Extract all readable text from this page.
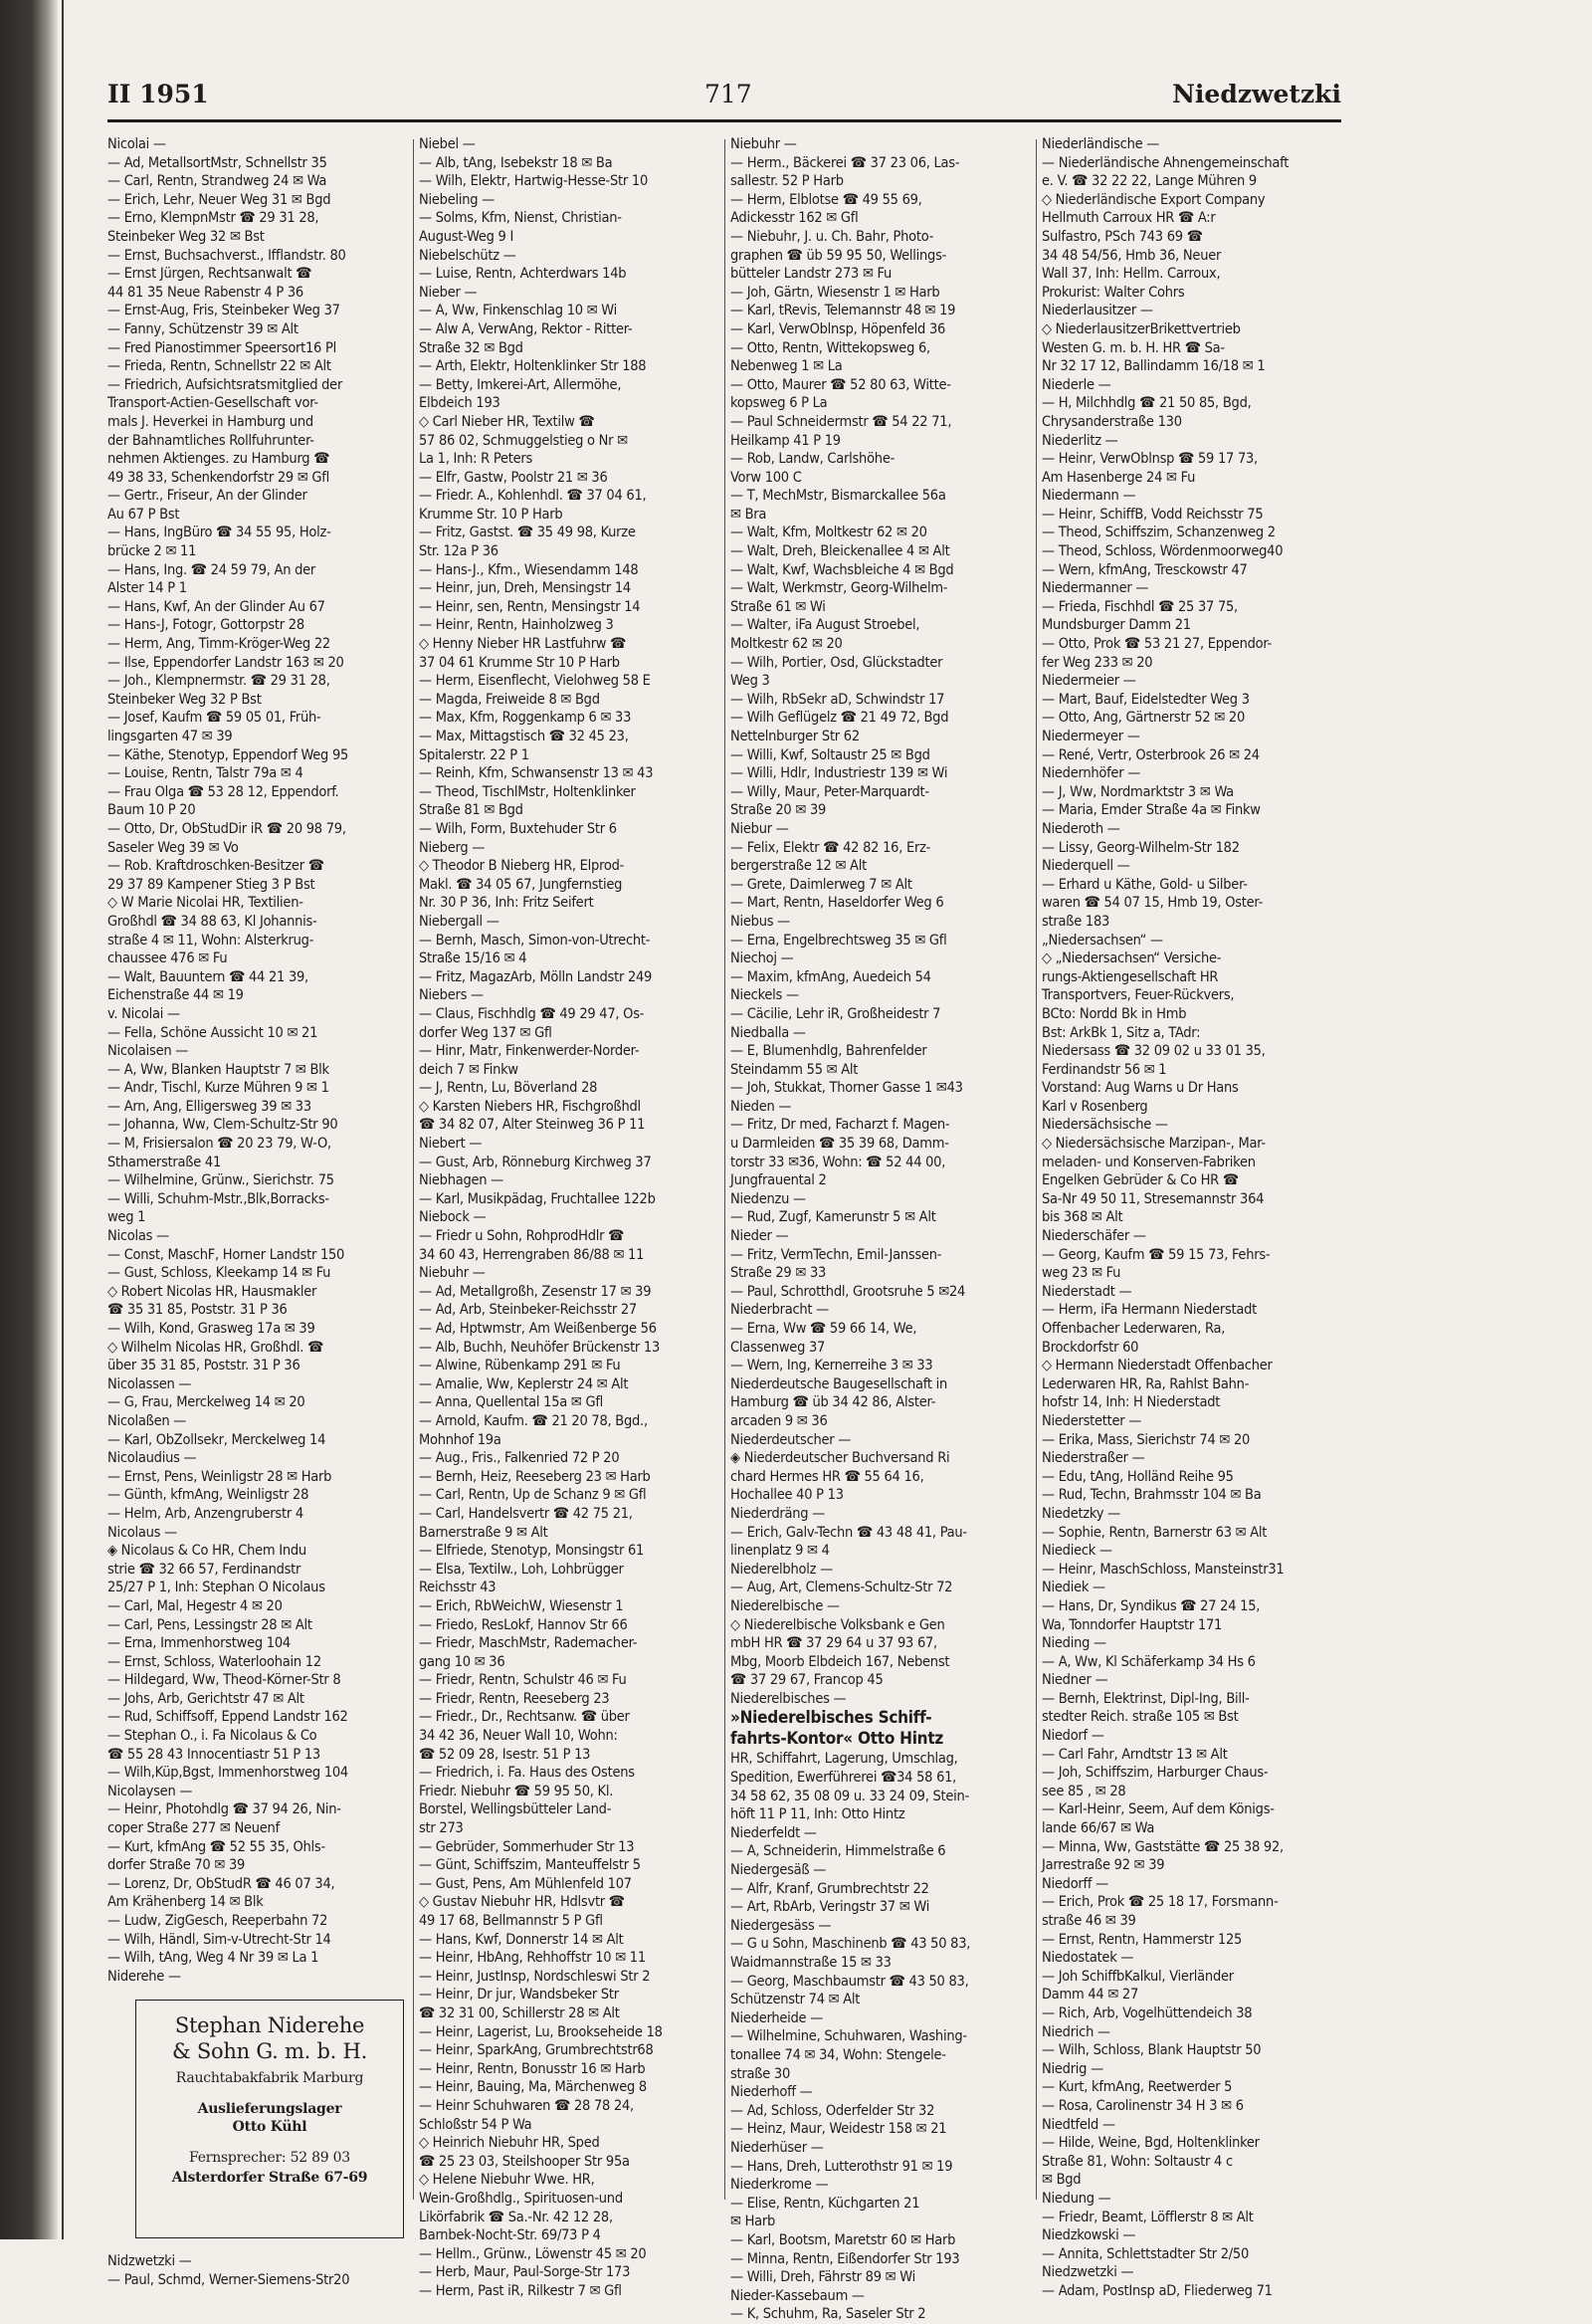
II 1951	717	Niedzwetzki
Nicolai —
— Ad, MetallsortMstr, Schnellstr 35
— Carl, Rentn, Strandweg 24 ✉ Wa
— Erich, Lehr, Neuer Weg 31 ✉ Bgd
— Erno, KlempnMstr ☎ 29 31 28,
Steinbeker Weg 32 ✉ Bst
— Ernst, Buchsachverst., Ifflandstr. 80
— Ernst Jürgen, Rechtsanwalt ☎
44 81 35 Neue Rabenstr 4 P 36
— Ernst-Aug, Fris, Steinbeker Weg 37
— Fanny, Schützenstr 39 ✉ Alt
— Fred Pianostimmer Speersort16 Pl
— Frieda, Rentn, Schnellstr 22 ✉ Alt
— Friedrich, Aufsichtsratsmitglied der
Transport-Actien-Gesellschaft vor-
mals J. Heverkei in Hamburg und
der Bahnamtliches Rollfuhrunter-
nehmen Aktienges. zu Hamburg ☎
49 38 33, Schenkendorfstr 29 ✉ Gfl
— Gertr., Friseur, An der Glinder
Au 67 P Bst
— Hans, IngBüro ☎ 34 55 95, Holz-
brücke 2 ✉ 11
— Hans, Ing. ☎ 24 59 79, An der
Alster 14 P 1
— Hans, Kwf, An der Glinder Au 67
— Hans-J, Fotogr, Gottorpstr 28
— Herm, Ang, Timm-Kröger-Weg 22
— Ilse, Eppendorfer Landstr 163 ✉ 20
— Joh., Klempnermstr. ☎ 29 31 28,
Steinbeker Weg 32 P Bst
— Josef, Kaufm ☎ 59 05 01, Früh-
lingsgarten 47 ✉ 39
— Käthe, Stenotyp, Eppendorf Weg 95
— Louise, Rentn, Talstr 79a ✉ 4
— Frau Olga ☎ 53 28 12, Eppendorf.
Baum 10 P 20
— Otto, Dr, ObStudDir iR ☎ 20 98 79,
Saseler Weg 39 ✉ Vo
— Rob. Kraftdroschken-Besitzer ☎
29 37 89 Kampener Stieg 3 P Bst
◇ W Marie Nicolai HR, Textilien-
Großhdl ☎ 34 88 63, Kl Johannis-
straße 4 ✉ 11, Wohn: Alsterkrug-
chaussee 476 ✉ Fu
— Walt, Bauuntern ☎ 44 21 39,
Eichenstraße 44 ✉ 19
v. Nicolai —
— Fella, Schöne Aussicht 10 ✉ 21
Nicolaisen —
— A, Ww, Blanken Hauptstr 7 ✉ Blk
— Andr, Tischl, Kurze Mühren 9 ✉ 1
— Arn, Ang, Elligersweg 39 ✉ 33
— Johanna, Ww, Clem-Schultz-Str 90
— M, Frisiersalon ☎ 20 23 79, W-O,
Sthamerstraße 41
— Wilhelmine, Grünw., Sierichstr. 75
— Willi, Schuhm-Mstr.,Blk,Borracks-
weg 1
Nicolas —
— Const, MaschF, Horner Landstr 150
— Gust, Schloss, Kleekamp 14 ✉ Fu
◇ Robert Nicolas HR, Hausmakler
☎ 35 31 85, Poststr. 31 P 36
— Wilh, Kond, Grasweg 17a ✉ 39
◇ Wilhelm Nicolas HR, Großhdl. ☎
über 35 31 85, Poststr. 31 P 36
Nicolassen —
— G, Frau, Merckelweg 14 ✉ 20
Nicolaßen —
— Karl, ObZollsekr, Merckelweg 14
Nicolaudius —
— Ernst, Pens, Weinligstr 28 ✉ Harb
— Günth, kfmAng, Weinligstr 28
— Helm, Arb, Anzengruberstr 4
Nicolaus —
◈ Nicolaus & Co HR, Chem Indu
strie ☎ 32 66 57, Ferdinandstr
25/27 P 1, Inh: Stephan O Nicolaus
— Carl, Mal, Hegestr 4 ✉ 20
— Carl, Pens, Lessingstr 28 ✉ Alt
— Erna, Immenhorstweg 104
— Ernst, Schloss, Waterloohain 12
— Hildegard, Ww, Theod-Körner-Str 8
— Johs, Arb, Gerichtstr 47 ✉ Alt
— Rud, Schiffsoff, Eppend Landstr 162
— Stephan O., i. Fa Nicolaus & Co
☎ 55 28 43 Innocentiastr 51 P 13
— Wilh,Küp,Bgst, Immenhorstweg 104
Nicolaysen —
— Heinr, Photohdlg ☎ 37 94 26, Nin-
coper Straße 277 ✉ Neuenf
— Kurt, kfmAng ☎ 52 55 35, Ohls-
dorfer Straße 70 ✉ 39
— Lorenz, Dr, ObStudR ☎ 46 07 34,
Am Krähenberg 14 ✉ Blk
— Ludw, ZigGesch, Reeperbahn 72
— Wilh, Händl, Sim-v-Utrecht-Str 14
— Wilh, tAng, Weg 4 Nr 39 ✉ La 1
Niderehe —
Stephan Niderehe
& Sohn G. m. b. H.
Rauchtabakfabrik Marburg
Auslieferungslager
Otto Kühl
Fernsprecher: 52 89 03
Alsterdorfer Straße 67-69
Nidzwetzki —
— Paul, Schmd, Werner-Siemens-Str20
Niebel —
— Alb, tAng, Isebekstr 18 ✉ Ba
— Wilh, Elektr, Hartwig-Hesse-Str 10
Niebeling —
— Solms, Kfm, Nienst, Christian-
August-Weg 9 I
Niebelschütz —
— Luise, Rentn, Achterdwars 14b
Nieber —
— A, Ww, Finkenschlag 10 ✉ Wi
— Alw A, VerwAng, Rektor - Ritter-
Straße 32 ✉ Bgd
— Arth, Elektr, Holtenklinker Str 188
— Betty, Imkerei-Art, Allermöhe,
Elbdeich 193
◇ Carl Nieber HR, Textilw ☎
57 86 02, Schmuggelstieg o Nr ✉
La 1, Inh: R Peters
— Elfr, Gastw, Poolstr 21 ✉ 36
— Friedr. A., Kohlenhdl. ☎ 37 04 61,
Krumme Str. 10 P Harb
— Fritz, Gastst. ☎ 35 49 98, Kurze
Str. 12a P 36
— Hans-J., Kfm., Wiesendamm 148
— Heinr, jun, Dreh, Mensingstr 14
— Heinr, sen, Rentn, Mensingstr 14
— Heinr, Rentn, Hainholzweg 3
◇ Henny Nieber HR Lastfuhrw ☎
37 04 61 Krumme Str 10 P Harb
— Herm, Eisenflecht, Vielohweg 58 E
— Magda, Freiweide 8 ✉ Bgd
— Max, Kfm, Roggenkamp 6 ✉ 33
— Max, Mittagstisch ☎ 32 45 23,
Spitalerstr. 22 P 1
— Reinh, Kfm, Schwansenstr 13 ✉ 43
— Theod, TischlMstr, Holtenklinker
Straße 81 ✉ Bgd
— Wilh, Form, Buxtehuder Str 6
Nieberg —
◇ Theodor B Nieberg HR, Elprod-
Makl. ☎ 34 05 67, Jungfernstieg
Nr. 30 P 36, Inh: Fritz Seifert
Niebergall —
— Bernh, Masch, Simon-von-Utrecht-
Straße 15/16 ✉ 4
— Fritz, MagazArb, Mölln Landstr 249
Niebers —
— Claus, Fischhdlg ☎ 49 29 47, Os-
dorfer Weg 137 ✉ Gfl
— Hinr, Matr, Finkenwerder-Norder-
deich 7 ✉ Finkw
— J, Rentn, Lu, Böverland 28
◇ Karsten Niebers HR, Fischgroßhdl
☎ 34 82 07, Alter Steinweg 36 P 11
Niebert —
— Gust, Arb, Rönneburg Kirchweg 37
Niebhagen —
— Karl, Musikpädag, Fruchtallee 122b
Niebock —
— Friedr u Sohn, RohprodHdlr ☎
34 60 43, Herrengraben 86/88 ✉ 11
Niebuhr —
— Ad, Metallgroßh, Zesenstr 17 ✉ 39
— Ad, Arb, Steinbeker-Reichsstr 27
— Ad, Hptwmstr, Am Weißenberge 56
— Alb, Buchh, Neuhöfer Brückenstr 13
— Alwine, Rübenkamp 291 ✉ Fu
— Amalie, Ww, Keplerstr 24 ✉ Alt
— Anna, Quellental 15a ✉ Gfl
— Arnold, Kaufm. ☎ 21 20 78, Bgd.,
Mohnhof 19a
— Aug., Fris., Falkenried 72 P 20
— Bernh, Heiz, Reeseberg 23 ✉ Harb
— Carl, Rentn, Up de Schanz 9 ✉ Gfl
— Carl, Handelsvertr ☎ 42 75 21,
Barnerstraße 9 ✉ Alt
— Elfriede, Stenotyp, Monsingstr 61
— Elsa, Textilw., Loh, Lohbrügger
Reichsstr 43
— Erich, RbWeichW, Wiesenstr 1
— Friedo, ResLokf, Hannov Str 66
— Friedr, MaschMstr, Rademacher-
gang 10 ✉ 36
— Friedr, Rentn, Schulstr 46 ✉ Fu
— Friedr, Rentn, Reeseberg 23
— Friedr., Dr., Rechtsanw. ☎ über
34 42 36, Neuer Wall 10, Wohn:
☎ 52 09 28, Isestr. 51 P 13
— Friedrich, i. Fa. Haus des Ostens
Friedr. Niebuhr ☎ 59 95 50, Kl.
Borstel, Wellingsbütteler Land-
str 273
— Gebrüder, Sommerhuder Str 13
— Günt, Schiffszim, Manteuffelstr 5
— Gust, Pens, Am Mühlenfeld 107
◇ Gustav Niebuhr HR, Hdlsvtr ☎
49 17 68, Bellmannstr 5 P Gfl
— Hans, Kwf, Donnerstr 14 ✉ Alt
— Heinr, HbAng, Rehhoffstr 10 ✉ 11
— Heinr, JustInsp, Nordschleswi Str 2
— Heinr, Dr jur, Wandsbeker Str
☎ 32 31 00, Schillerstr 28 ✉ Alt
— Heinr, Lagerist, Lu, Brookseheide 18
— Heinr, SparkAng, Grumbrechtstr68
— Heinr, Rentn, Bonusstr 16 ✉ Harb
— Heinr, Bauing, Ma, Märchenweg 8
— Heinr Schuhwaren ☎ 28 78 24,
Schloßstr 54 P Wa
◇ Heinrich Niebuhr HR, Sped
☎ 25 23 03, Steilshooper Str 95a
◇ Helene Niebuhr Wwe. HR,
Wein-Großhdlg., Spirituosen-und
Likörfabrik ☎ Sa.-Nr. 42 12 28,
Barnbek-Nocht-Str. 69/73 P 4
— Hellm., Grünw., Löwenstr 45 ✉ 20
— Herb, Maur, Paul-Sorge-Str 173
— Herm, Past iR, Rilkestr 7 ✉ Gfl
Niebuhr —
— Herm., Bäckerei ☎ 37 23 06, Las-
sallestr. 52 P Harb
— Herm, Elblotse ☎ 49 55 69,
Adickesstr 162 ✉ Gfl
— Niebuhr, J. u. Ch. Bahr, Photo-
graphen ☎ üb 59 95 50, Wellings-
bütteler Landstr 273 ✉ Fu
— Joh, Gärtn, Wiesenstr 1 ✉ Harb
— Karl, tRevis, Telemannstr 48 ✉ 19
— Karl, VerwOblnsp, Höpenfeld 36
— Otto, Rentn, Wittekopsweg 6,
Nebenweg 1 ✉ La
— Otto, Maurer ☎ 52 80 63, Witte-
kopsweg 6 P La
— Paul Schneidermstr ☎ 54 22 71,
Heilkamp 41 P 19
— Rob, Landw, Carlshöhe-
Vorw 100 C
— T, MechMstr, Bismarckallee 56a
✉ Bra
— Walt, Kfm, Moltkestr 62 ✉ 20
— Walt, Dreh, Bleickenallee 4 ✉ Alt
— Walt, Kwf, Wachsbleiche 4 ✉ Bgd
— Walt, Werkmstr, Georg-Wilhelm-
Straße 61 ✉ Wi
— Walter, iFa August Stroebel,
Moltkestr 62 ✉ 20
— Wilh, Portier, Osd, Glückstadter
Weg 3
— Wilh, RbSekr aD, Schwindstr 17
— Wilh Geflügelz ☎ 21 49 72, Bgd
Nettelnburger Str 62
— Willi, Kwf, Soltaustr 25 ✉ Bgd
— Willi, Hdlr, Industriestr 139 ✉ Wi
— Willy, Maur, Peter-Marquardt-
Straße 20 ✉ 39
Niebur —
— Felix, Elektr ☎ 42 82 16, Erz-
bergerstraße 12 ✉ Alt
— Grete, Daimlerweg 7 ✉ Alt
— Mart, Rentn, Haseldorfer Weg 6
Niebus —
— Erna, Engelbrechtsweg 35 ✉ Gfl
Niechoj —
— Maxim, kfmAng, Auedeich 54
Nieckels —
— Cäcilie, Lehr iR, Großheidestr 7
Niedballa —
— E, Blumenhdlg, Bahrenfelder
Steindamm 55 ✉ Alt
— Joh, Stukkat, Thorner Gasse 1 ✉43
Nieden —
— Fritz, Dr med, Facharzt f. Magen-
u Darmleiden ☎ 35 39 68, Damm-
torstr 33 ✉36, Wohn: ☎ 52 44 00,
Jungfrauental 2
Niedenzu —
— Rud, Zugf, Kamerunstr 5 ✉ Alt
Nieder —
— Fritz, VermTechn, Emil-Janssen-
Straße 29 ✉ 33
— Paul, Schrotthdl, Grootsruhe 5 ✉24
Niederbracht —
— Erna, Ww ☎ 59 66 14, We,
Classenweg 37
— Wern, Ing, Kernerreihe 3 ✉ 33
Niederdeutsche Baugesellschaft in
Hamburg ☎ üb 34 42 86, Alster-
arcaden 9 ✉ 36
Niederdeutscher —
◈ Niederdeutscher Buchversand Ri
chard Hermes HR ☎ 55 64 16,
Hochallee 40 P 13
Niederdräng —
— Erich, Galv-Techn ☎ 43 48 41, Pau-
linenplatz 9 ✉ 4
Niederelbholz —
— Aug, Art, Clemens-Schultz-Str 72
Niederelbische —
◇ Niederelbische Volksbank e Gen
mbH HR ☎ 37 29 64 u 37 93 67,
Mbg, Moorb Elbdeich 167, Nebenst
☎ 37 29 67, Francop 45
Niederelbisches —
»Niederelbisches Schiff-
fahrts-Kontor« Otto Hintz
HR, Schiffahrt, Lagerung, Umschlag,
Spedition, Ewerführerei ☎34 58 61,
34 58 62, 35 08 09 u. 33 24 09, Stein-
höft 11 P 11, Inh: Otto Hintz
Niederfeldt —
— A, Schneiderin, Himmelstraße 6
Niedergesäß —
— Alfr, Kranf, Grumbrechtstr 22
— Art, RbArb, Veringstr 37 ✉ Wi
Niedergesäss —
— G u Sohn, Maschinenb ☎ 43 50 83,
Waidmannstraße 15 ✉ 33
— Georg, Maschbaumstr ☎ 43 50 83,
Schützenstr 74 ✉ Alt
Niederheide —
— Wilhelmine, Schuhwaren, Washing-
tonallee 74 ✉ 34, Wohn: Stengele-
straße 30
Niederhoff —
— Ad, Schloss, Oderfelder Str 32
— Heinz, Maur, Weidestr 158 ✉ 21
Niederhüser —
— Hans, Dreh, Lutterothstr 91 ✉ 19
Niederkrome —
— Elise, Rentn, Küchgarten 21
✉ Harb
— Karl, Bootsm, Maretstr 60 ✉ Harb
— Minna, Rentn, Eißendorfer Str 193
— Willi, Dreh, Fährstr 89 ✉ Wi
Nieder-Kassebaum —
— K, Schuhm, Ra, Saseler Str 2
Niederländische —
— Niederländische Ahnengemeinschaft
e. V. ☎ 32 22 22, Lange Mühren 9
◇ Niederländische Export Company
Hellmuth Carroux HR ☎ A:r
Sulfastro, PSch 743 69 ☎
34 48 54/56, Hmb 36, Neuer
Wall 37, Inh: Hellm. Carroux,
Prokurist: Walter Cohrs
Niederlausitzer —
◇ NiederlausitzerBrikettvertrieb
Westen G. m. b. H. HR ☎ Sa-
Nr 32 17 12, Ballindamm 16/18 ✉ 1
Niederle —
— H, Milchhdlg ☎ 21 50 85, Bgd,
Chrysanderstraße 130
Niederlitz —
— Heinr, VerwOblnsp ☎ 59 17 73,
Am Hasenberge 24 ✉ Fu
Niedermann —
— Heinr, SchiffB, Vodd Reichsstr 75
— Theod, Schiffszim, Schanzenweg 2
— Theod, Schloss, Wördenmoorweg40
— Wern, kfmAng, Tresckowstr 47
Niedermanner —
— Frieda, Fischhdl ☎ 25 37 75,
Mundsburger Damm 21
— Otto, Prok ☎ 53 21 27, Eppendor-
fer Weg 233 ✉ 20
Niedermeier —
— Mart, Bauf, Eidelstedter Weg 3
— Otto, Ang, Gärtnerstr 52 ✉ 20
Niedermeyer —
— René, Vertr, Osterbrook 26 ✉ 24
Niedernhöfer —
— J, Ww, Nordmarktstr 3 ✉ Wa
— Maria, Emder Straße 4a ✉ Finkw
Niederoth —
— Lissy, Georg-Wilhelm-Str 182
Niederquell —
— Erhard u Käthe, Gold- u Silber-
waren ☎ 54 07 15, Hmb 19, Oster-
straße 183
„Niedersachsen“ —
◇ „Niedersachsen“ Versiche-
rungs-Aktiengesellschaft HR
Transportvers, Feuer-Rückvers,
BCto: Nordd Bk in Hmb
Bst: ArkBk 1, Sitz a, TAdr:
Niedersass ☎ 32 09 02 u 33 01 35,
Ferdinandstr 56 ✉ 1
Vorstand: Aug Warns u Dr Hans
Karl v Rosenberg
Niedersächsische —
◇ Niedersächsische Marzipan-, Mar-
meladen- und Konserven-Fabriken
Engelken Gebrüder & Co HR ☎
Sa-Nr 49 50 11, Stresemannstr 364
bis 368 ✉ Alt
Niederschäfer —
— Georg, Kaufm ☎ 59 15 73, Fehrs-
weg 23 ✉ Fu
Niederstadt —
— Herm, iFa Hermann Niederstadt
Offenbacher Lederwaren, Ra,
Brockdorfstr 60
◇ Hermann Niederstadt Offenbacher
Lederwaren HR, Ra, Rahlst Bahn-
hofstr 14, Inh: H Niederstadt
Niederstetter —
— Erika, Mass, Sierichstr 74 ✉ 20
Niederstraßer —
— Edu, tAng, Holländ Reihe 95
— Rud, Techn, Brahmsstr 104 ✉ Ba
Niedetzky —
— Sophie, Rentn, Barnerstr 63 ✉ Alt
Niedieck —
— Heinr, MaschSchloss, Mansteinstr31
Niediek —
— Hans, Dr, Syndikus ☎ 27 24 15,
Wa, Tonndorfer Hauptstr 171
Nieding —
— A, Ww, Kl Schäferkamp 34 Hs 6
Niedner —
— Bernh, Elektrinst, Dipl-Ing, Bill-
stedter Reich. straße 105 ✉ Bst
Niedorf —
— Carl Fahr, Arndtstr 13 ✉ Alt
— Joh, Schiffszim, Harburger Chaus-
see 85 , ✉ 28
— Karl-Heinr, Seem, Auf dem Königs-
lande 66/67 ✉ Wa
— Minna, Ww, Gaststätte ☎ 25 38 92,
Jarrestraße 92 ✉ 39
Niedorff —
— Erich, Prok ☎ 25 18 17, Forsmann-
straße 46 ✉ 39
— Ernst, Rentn, Hammerstr 125
Niedostatek —
— Joh SchiffbKalkul, Vierländer
Damm 44 ✉ 27
— Rich, Arb, Vogelhüttendeich 38
Niedrich —
— Wilh, Schloss, Blank Hauptstr 50
Niedrig —
— Kurt, kfmAng, Reetwerder 5
— Rosa, Carolinenstr 34 H 3 ✉ 6
Niedtfeld —
— Hilde, Weine, Bgd, Holtenklinker
Straße 81, Wohn: Soltaustr 4 c
✉ Bgd
Niedung —
— Friedr, Beamt, Löfflerstr 8 ✉ Alt
Niedzkowski —
— Annita, Schlettstadter Str 2/50
Niedzwetzki —
— Adam, PostInsp aD, Fliederweg 71
